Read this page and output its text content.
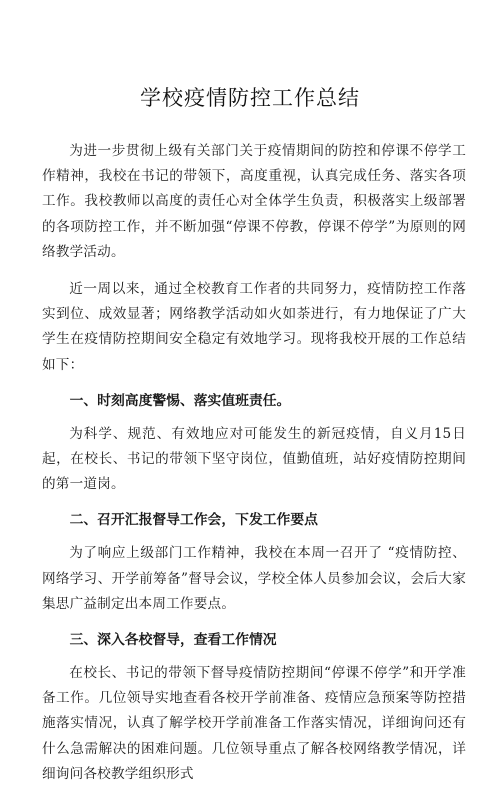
学校疫情防控工作总结

为进一步贯彻上级有关部门关于疫情期间的防控和停课不停学工作精神，我校在书记的带领下，高度重视，认真完成任务、落实各项工作。我校教师以高度的责任心对全体学生负责，积极落实上级部署的各项防控工作，并不断加强“停课不停教，停课不停学”为原则的网络教学活动。

近一周以来，通过全校教育工作者的共同努力，疫情防控工作落实到位、成效显著；网络教学活动如火如荼进行，有力地保证了广大学生在疫情防控期间安全稳定有效地学习。现将我校开展的工作总结如下：

一、时刻高度警惕、落实值班责任。

为科学、规范、有效地应对可能发生的新冠疫情，自义月15日起，在校长、书记的带领下坚守岗位，值勤值班，站好疫情防控期间的第一道岗。

二、召开汇报督导工作会，下发工作要点

为了响应上级部门工作精神，我校在本周一召开了 “疫情防控、网络学习、开学前筹备”督导会议，学校全体人员参加会议，会后大家集思广益制定出本周工作要点。

三、深入各校督导，查看工作情况

在校长、书记的带领下督导疫情防控期间“停课不停学”和开学准备工作。几位领导实地查看各校开学前准备、疫情应急预案等防控措施落实情况，认真了解学校开学前准备工作落实情况，详细询问还有什么急需解决的困难问题。几位领导重点了解各校网络教学情况，详细询问各校教学组织形式
